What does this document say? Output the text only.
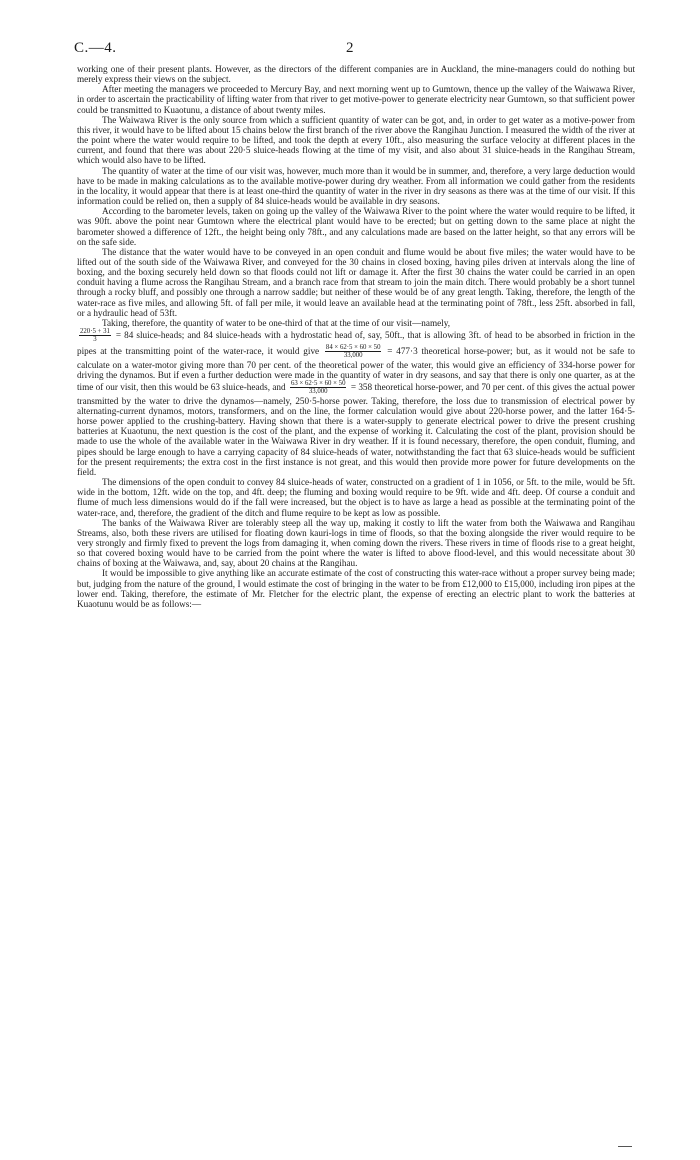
C.—4.	2

working one of their present plants. However, as the directors of the different companies are in Auckland, the mine-managers could do nothing but merely express their views on the subject.

After meeting the managers we proceeded to Mercury Bay, and next morning went up to Gumtown, thence up the valley of the Waiwawa River, in order to ascertain the practicability of lifting water from that river to get motive-power to generate electricity near Gumtown, so that sufficient power could be transmitted to Kuaotunu, a distance of about twenty miles.

The Waiwawa River is the only source from which a sufficient quantity of water can be got, and, in order to get water as a motive-power from this river, it would have to be lifted about 15 chains below the first branch of the river above the Rangihau Junction. I measured the width of the river at the point where the water would require to be lifted, and took the depth at every 10ft., also measuring the surface velocity at different places in the current, and found that there was about 220·5 sluice-heads flowing at the time of my visit, and also about 31 sluice-heads in the Rangihau Stream, which would also have to be lifted.

The quantity of water at the time of our visit was, however, much more than it would be in summer, and, therefore, a very large deduction would have to be made in making calculations as to the available motive-power during dry weather. From all information we could gather from the residents in the locality, it would appear that there is at least one-third the quantity of water in the river in dry seasons as there was at the time of our visit. If this information could be relied on, then a supply of 84 sluice-heads would be available in dry seasons.

According to the barometer levels, taken on going up the valley of the Waiwawa River to the point where the water would require to be lifted, it was 90ft. above the point near Gumtown where the electrical plant would have to be erected; but on getting down to the same place at night the barometer showed a difference of 12ft., the height being only 78ft., and any calculations made are based on the latter height, so that any errors will be on the safe side.

The distance that the water would have to be conveyed in an open conduit and flume would be about five miles; the water would have to be lifted out of the south side of the Waiwawa River, and conveyed for the 30 chains in closed boxing, having piles driven at intervals along the line of boxing, and the boxing securely held down so that floods could not lift or damage it. After the first 30 chains the water could be carried in an open conduit having a flume across the Rangihau Stream, and a branch race from that stream to join the main ditch. There would probably be a short tunnel through a rocky bluff, and possibly one through a narrow saddle; but neither of these would be of any great length. Taking, therefore, the length of the water-race as five miles, and allowing 5ft. of fall per mile, it would leave an available head at the terminating point of 78ft., less 25ft. absorbed in fall, or a hydraulic head of 53ft.

Taking, therefore, the quantity of water to be one-third of that at the time of our visit—namely,

$\frac{220\cdot 5 + 31}{3} = 84$ sluice-heads; and 84 sluice-heads with a hydrostatic head of, say, 50ft., that is allowing 3ft. of head to be absorbed in friction in the pipes at the transmitting point of the water-race, it would give $\frac{84 \times 62\cdot 5 \times 60 \times 50}{33,000} = 477\cdot 3$ theoretical horse-power; but, as it would not be safe to calculate on a water-motor giving more than 70 per cent. of the theoretical power of the water, this would give an efficiency of 334-horse power for driving the dynamos. But if even a further deduction were made in the quantity of water in dry seasons, and say that there is only one quarter, as at the time of our visit, then this would be 63 sluice-heads, and $\frac{63 \times 62\cdot 5 \times 60 \times 50}{33,000} = 358$ theoretical horse-power, and 70 per cent. of this gives the actual power transmitted by the water to drive the dynamos—namely, 250·5-horse power. Taking, therefore, the loss due to transmission of electrical power by alternating-current dynamos, motors, transformers, and on the line, the former calculation would give about 220-horse power, and the latter 164·5-horse power applied to the crushing-battery. Having shown that there is a water-supply to generate electrical power to drive the present crushing batteries at Kuaotunu, the next question is the cost of the plant, and the expense of working it. Calculating the cost of the plant, provision should be made to use the whole of the available water in the Waiwawa River in dry weather. If it is found necessary, therefore, the open conduit, fluming, and pipes should be large enough to have a carrying capacity of 84 sluice-heads of water, notwithstanding the fact that 63 sluice-heads would be sufficient for the present requirements; the extra cost in the first instance is not great, and this would then provide more power for future developments on the field.

The dimensions of the open conduit to convey 84 sluice-heads of water, constructed on a gradient of 1 in 1056, or 5ft. to the mile, would be 5ft. wide in the bottom, 12ft. wide on the top, and 4ft. deep; the fluming and boxing would require to be 9ft. wide and 4ft. deep. Of course a conduit and flume of much less dimensions would do if the fall were increased, but the object is to have as large a head as possible at the terminating point of the water-race, and, therefore, the gradient of the ditch and flume require to be kept as low as possible.

The banks of the Waiwawa River are tolerably steep all the way up, making it costly to lift the water from both the Waiwawa and Rangihau Streams, also, both these rivers are utilised for floating down kauri-logs in time of floods, so that the boxing alongside the river would require to be very strongly and firmly fixed to prevent the logs from damaging it, when coming down the rivers. These rivers in time of floods rise to a great height, so that covered boxing would have to be carried from the point where the water is lifted to above flood-level, and this would necessitate about 30 chains of boxing at the Waiwawa, and, say, about 20 chains at the Rangihau.

It would be impossible to give anything like an accurate estimate of the cost of constructing this water-race without a proper survey being made; but, judging from the nature of the ground, I would estimate the cost of bringing in the water to be from £12,000 to £15,000, including iron pipes at the lower end. Taking, therefore, the estimate of Mr. Fletcher for the electric plant, the expense of erecting an electric plant to work the batteries at Kuaotunu would be as follows:—
